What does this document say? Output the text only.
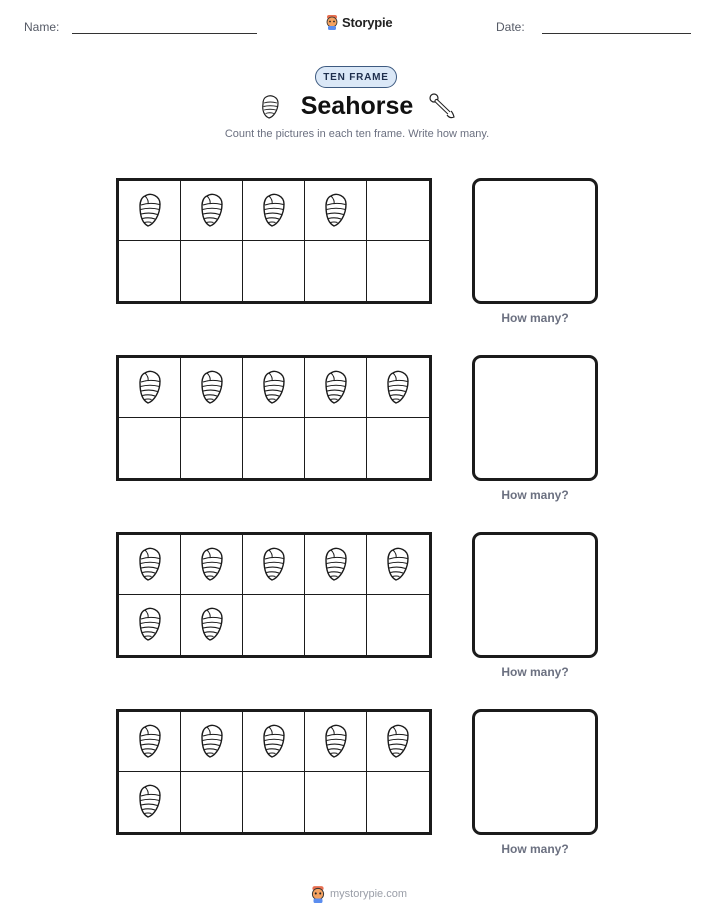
Name:	Storypie	Date:
TEN FRAME
Seahorse
Count the pictures in each ten frame. Write how many.
How many?
How many?
How many?
How many?
mystorypie.com
